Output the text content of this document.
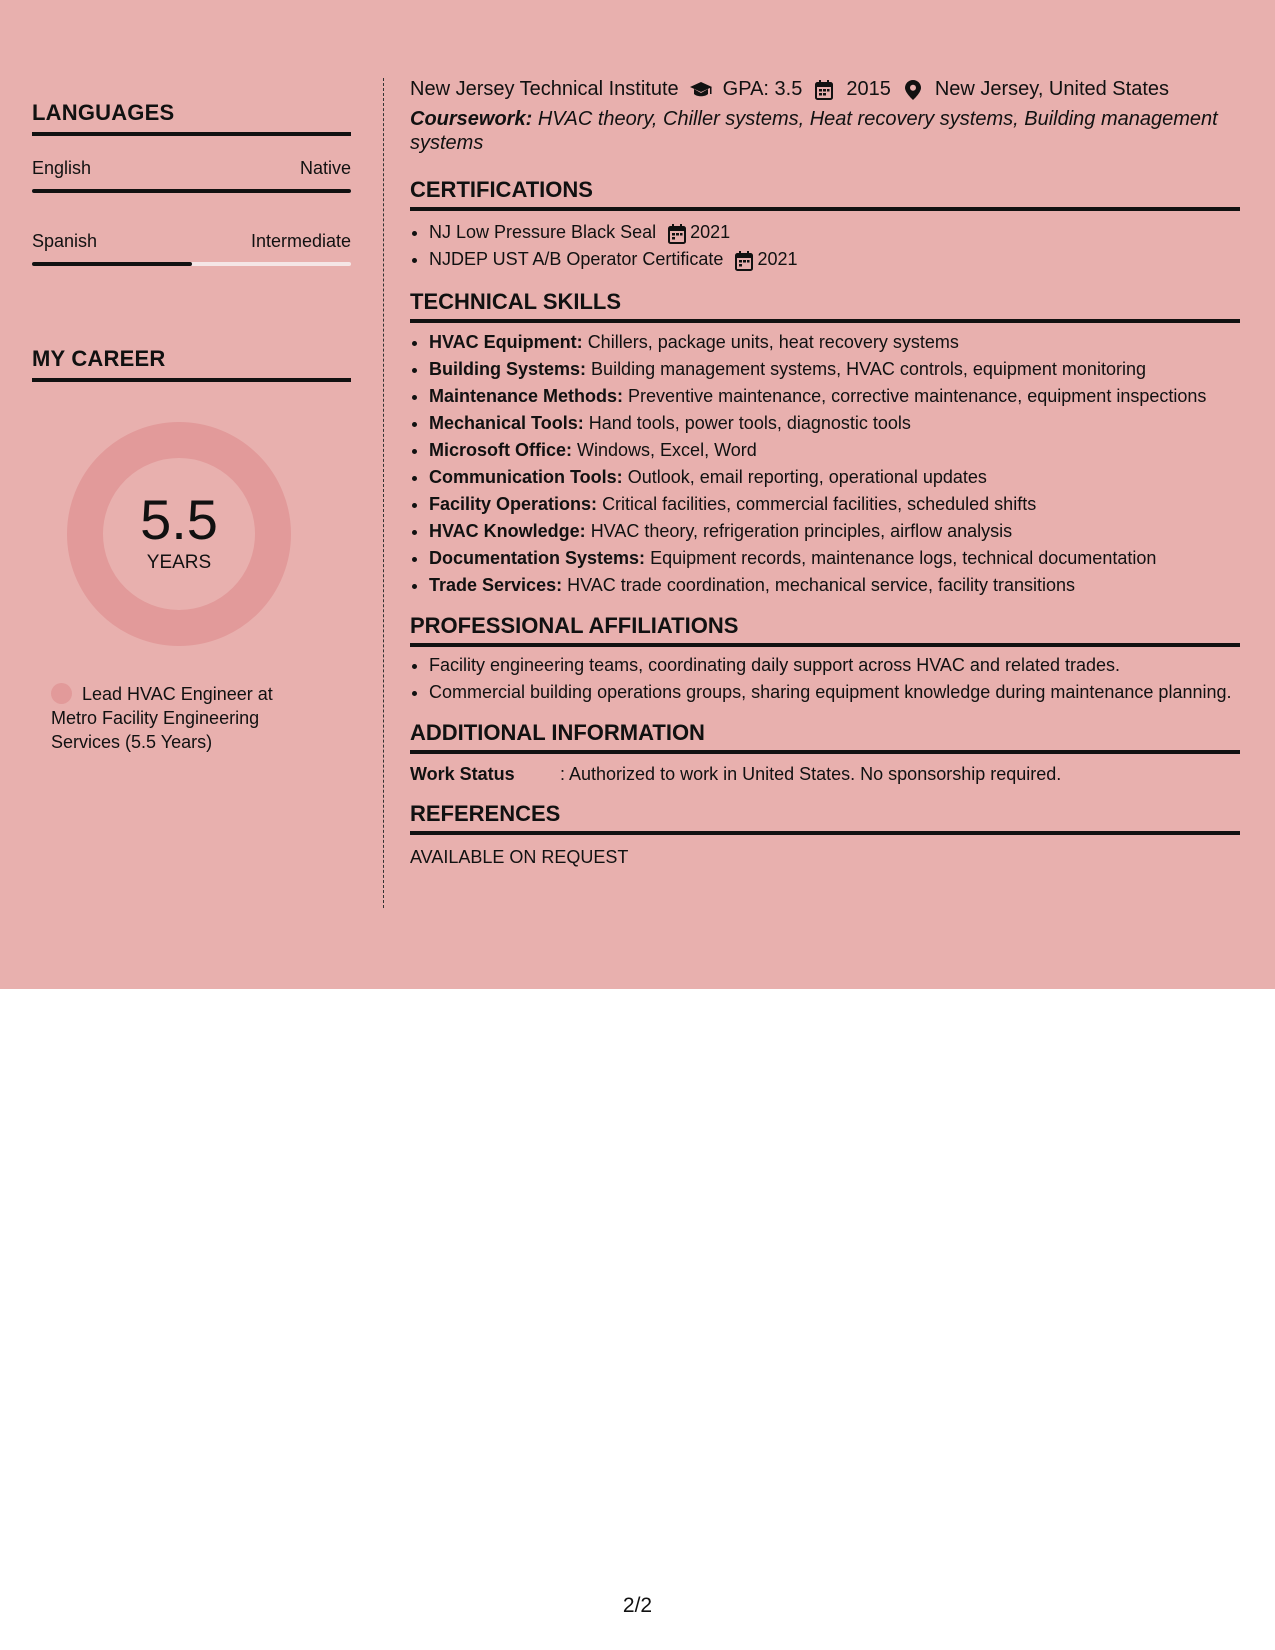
LANGUAGES
English	Native
Spanish	Intermediate
MY CAREER
5.5
YEARS
Lead HVAC Engineer at Metro Facility Engineering Services (5.5 Years)
New Jersey Technical Institute GPA: 3.5 2015 New Jersey, United States
Coursework: HVAC theory, Chiller systems, Heat recovery systems, Building management systems
CERTIFICATIONS
• NJ Low Pressure Black Seal 2021
• NJDEP UST A/B Operator Certificate 2021
TECHNICAL SKILLS
• HVAC Equipment: Chillers, package units, heat recovery systems
• Building Systems: Building management systems, HVAC controls, equipment monitoring
• Maintenance Methods: Preventive maintenance, corrective maintenance, equipment inspections
• Mechanical Tools: Hand tools, power tools, diagnostic tools
• Microsoft Office: Windows, Excel, Word
• Communication Tools: Outlook, email reporting, operational updates
• Facility Operations: Critical facilities, commercial facilities, scheduled shifts
• HVAC Knowledge: HVAC theory, refrigeration principles, airflow analysis
• Documentation Systems: Equipment records, maintenance logs, technical documentation
• Trade Services: HVAC trade coordination, mechanical service, facility transitions
PROFESSIONAL AFFILIATIONS
• Facility engineering teams, coordinating daily support across HVAC and related trades.
• Commercial building operations groups, sharing equipment knowledge during maintenance planning.
ADDITIONAL INFORMATION
Work Status	: Authorized to work in United States. No sponsorship required.
REFERENCES
AVAILABLE ON REQUEST
2/2
